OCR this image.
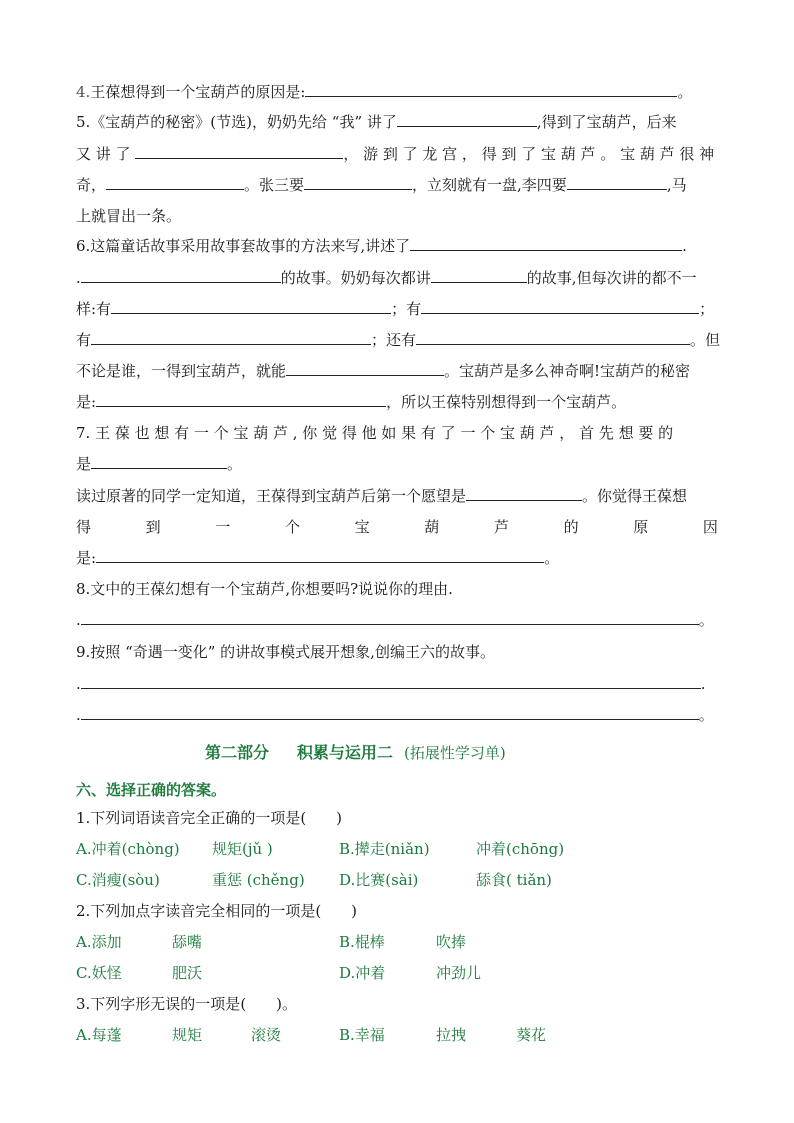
4.王葆想得到一个宝葫芦的原因是:	。
5.《宝葫芦的秘密》(节选)，奶奶先给 “我” 讲了	,得到了宝葫芦，后来
又 讲 了	， 游 到 了 龙 宫 ， 得 到 了 宝 葫 芦 。 宝 葫 芦 很 神
奇，	。张三要	，立刻就有一盘,李四要	,马
上就冒出一条。
6.这篇童话故事采用故事套故事的方法来写,讲述了	.
.	的故事。奶奶每次都讲	的故事,但每次讲的都不一
样:有	；有	；
有	；还有	。但
不论是谁，一得到宝葫芦，就能	。宝葫芦是多么神奇啊!宝葫芦的秘密
是:	，所以王葆特别想得到一个宝葫芦。
7. 王 葆 也 想 有 一 个 宝 葫 芦 , 你 觉 得 他 如 果 有 了 一 个 宝 葫 芦 ， 首 先 想 要 的
是	。
读过原著的同学一定知道，王葆得到宝葫芦后第一个愿望是	。你觉得王葆想
得	到	一	个	宝	葫	芦	的	原	因
是:	。
8.文中的王葆幻想有一个宝葫芦,你想要吗?说说你的理由.
.	。
9.按照 “奇遇一变化” 的讲故事模式展开想象,创编王六的故事。
.	.
.	。
第二部分 积累与运用二 (拓展性学习单)
六、选择正确的答案。
1.下列词语读音完全正确的一项是(　　)
A.冲着(chòng) 规矩(jǔ )	B.撵走(niǎn)	冲着(chōng)
C.消瘦(sòu)	重惩 (chěng) D.比赛(sài)	舔食( tiǎn)
2.下列加点字读音完全相同的一项是(　　)
A.添加	舔嘴	B.棍棒	吹捧
C.妖怪	肥沃	D.冲着	冲劲儿
3.下列字形无误的一项是(　　)。
A.每蓬	规矩	滚烫	B.幸福	拉拽	葵花
